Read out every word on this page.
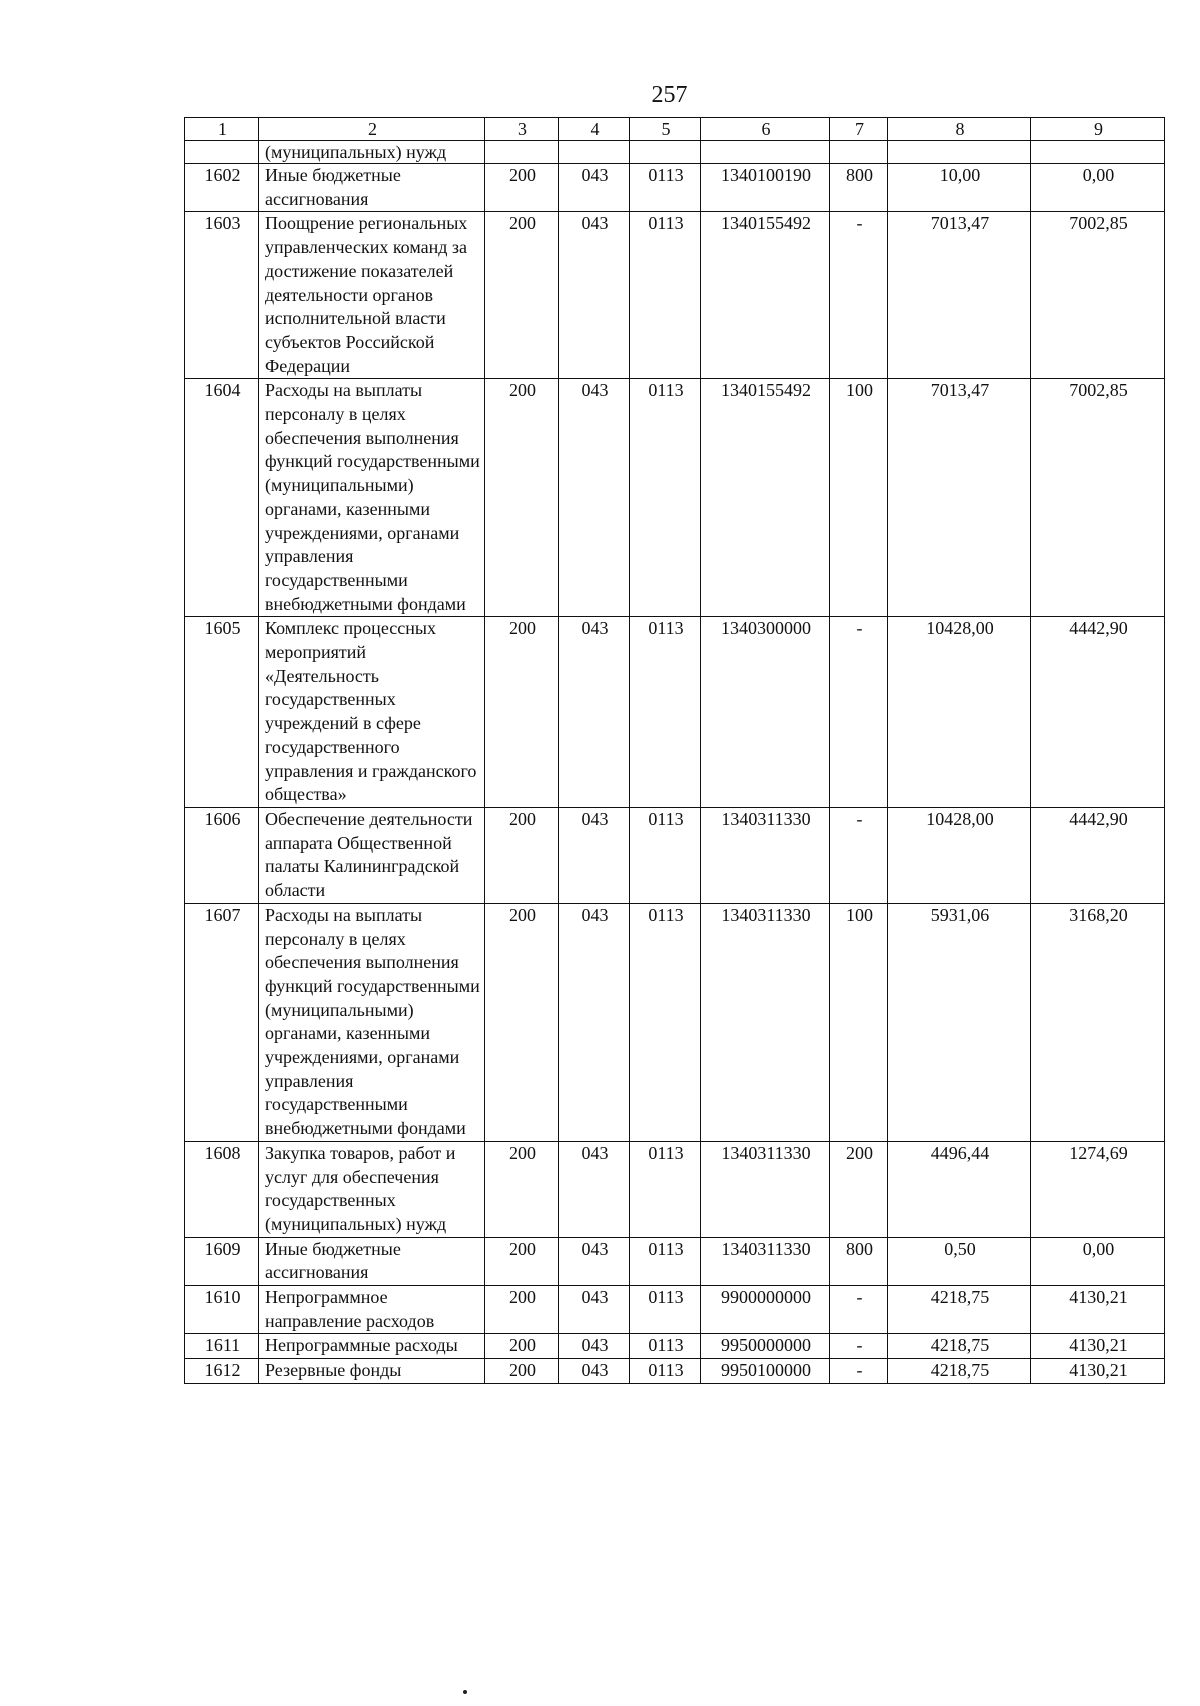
257
1	2	3	4	5	6	7	8	9
	(муниципальных) нужд							
1602	Иные бюджетные ассигнования	200	043	0113	1340100190	800	10,00	0,00
1603	Поощрение региональных управленческих команд за достижение показателей деятельности органов исполнительной власти субъектов Российской Федерации	200	043	0113	1340155492	-	7013,47	7002,85
1604	Расходы на выплаты персоналу в целях обеспечения выполнения функций государственными (муниципальными) органами, казенными учреждениями, органами управления государственными внебюджетными фондами	200	043	0113	1340155492	100	7013,47	7002,85
1605	Комплекс процессных мероприятий «Деятельность государственных учреждений в сфере государственного управления и гражданского общества»	200	043	0113	1340300000	-	10428,00	4442,90
1606	Обеспечение деятельности аппарата Общественной палаты Калининградской области	200	043	0113	1340311330	-	10428,00	4442,90
1607	Расходы на выплаты персоналу в целях обеспечения выполнения функций государственными (муниципальными) органами, казенными учреждениями, органами управления государственными внебюджетными фондами	200	043	0113	1340311330	100	5931,06	3168,20
1608	Закупка товаров, работ и услуг для обеспечения государственных (муниципальных) нужд	200	043	0113	1340311330	200	4496,44	1274,69
1609	Иные бюджетные ассигнования	200	043	0113	1340311330	800	0,50	0,00
1610	Непрограммное направление расходов	200	043	0113	9900000000	-	4218,75	4130,21
1611	Непрограммные расходы	200	043	0113	9950000000	-	4218,75	4130,21
1612	Резервные фонды	200	043	0113	9950100000	-	4218,75	4130,21
